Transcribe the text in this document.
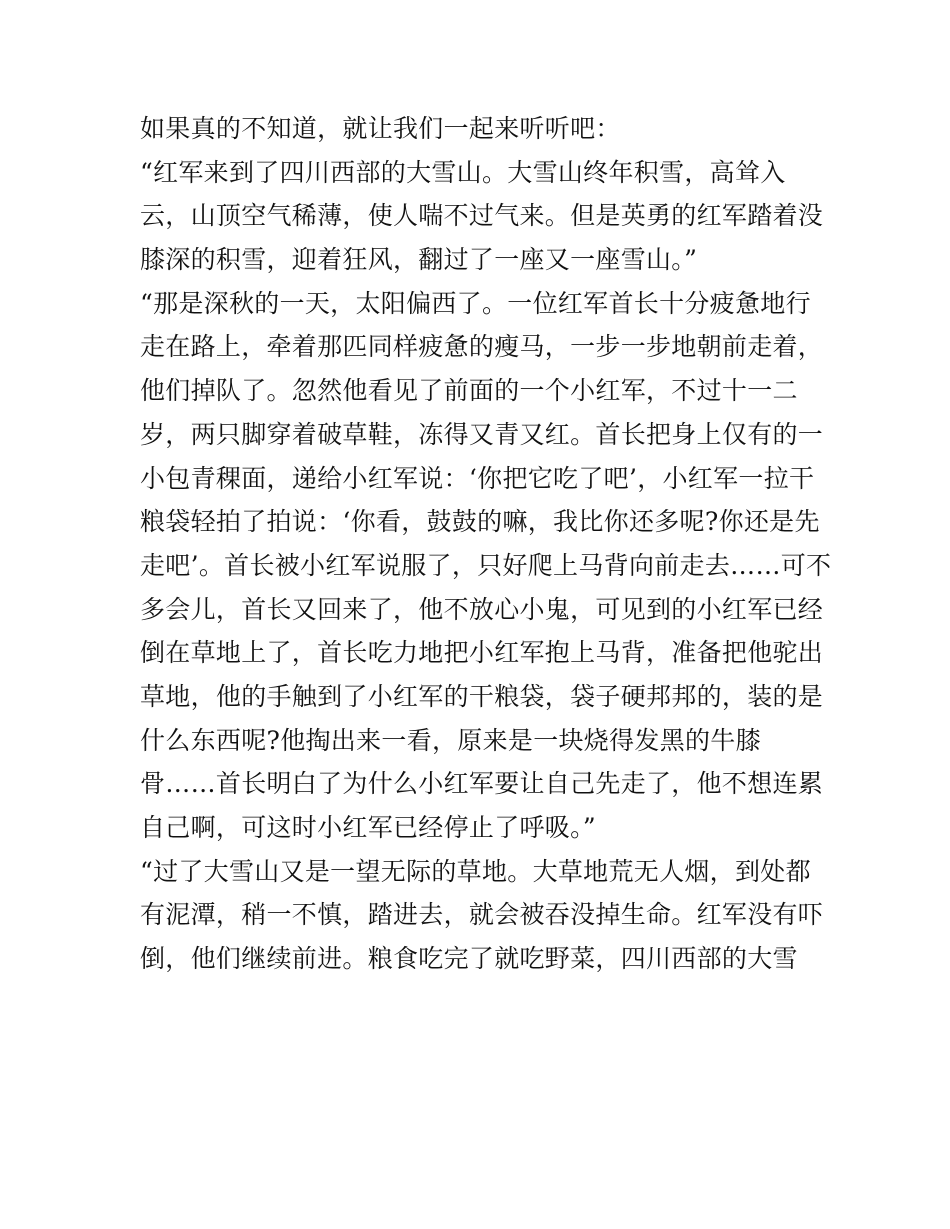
如果真的不知道，就让我们一起来听听吧：
“红军来到了四川西部的大雪山。大雪山终年积雪，高耸入
云，山顶空气稀薄，使人喘不过气来。但是英勇的红军踏着没
膝深的积雪，迎着狂风，翻过了一座又一座雪山。”
“那是深秋的一天，太阳偏西了。一位红军首长十分疲惫地行
走在路上，牵着那匹同样疲惫的瘦马，一步一步地朝前走着，
他们掉队了。忽然他看见了前面的一个小红军，不过十一二
岁，两只脚穿着破草鞋，冻得又青又红。首长把身上仅有的一
小包青稞面，递给小红军说：‘你把它吃了吧’，小红军一拉干
粮袋轻拍了拍说：‘你看，鼓鼓的嘛，我比你还多呢?你还是先
走吧’。首长被小红军说服了，只好爬上马背向前走去……可不
多会儿，首长又回来了，他不放心小鬼，可见到的小红军已经
倒在草地上了，首长吃力地把小红军抱上马背，准备把他驼出
草地，他的手触到了小红军的干粮袋，袋子硬邦邦的，装的是
什么东西呢?他掏出来一看，原来是一块烧得发黑的牛膝
骨……首长明白了为什么小红军要让自己先走了，他不想连累
自己啊，可这时小红军已经停止了呼吸。”
“过了大雪山又是一望无际的草地。大草地荒无人烟，到处都
有泥潭，稍一不慎，踏进去，就会被吞没掉生命。红军没有吓
倒，他们继续前进。粮食吃完了就吃野菜，四川西部的大雪
